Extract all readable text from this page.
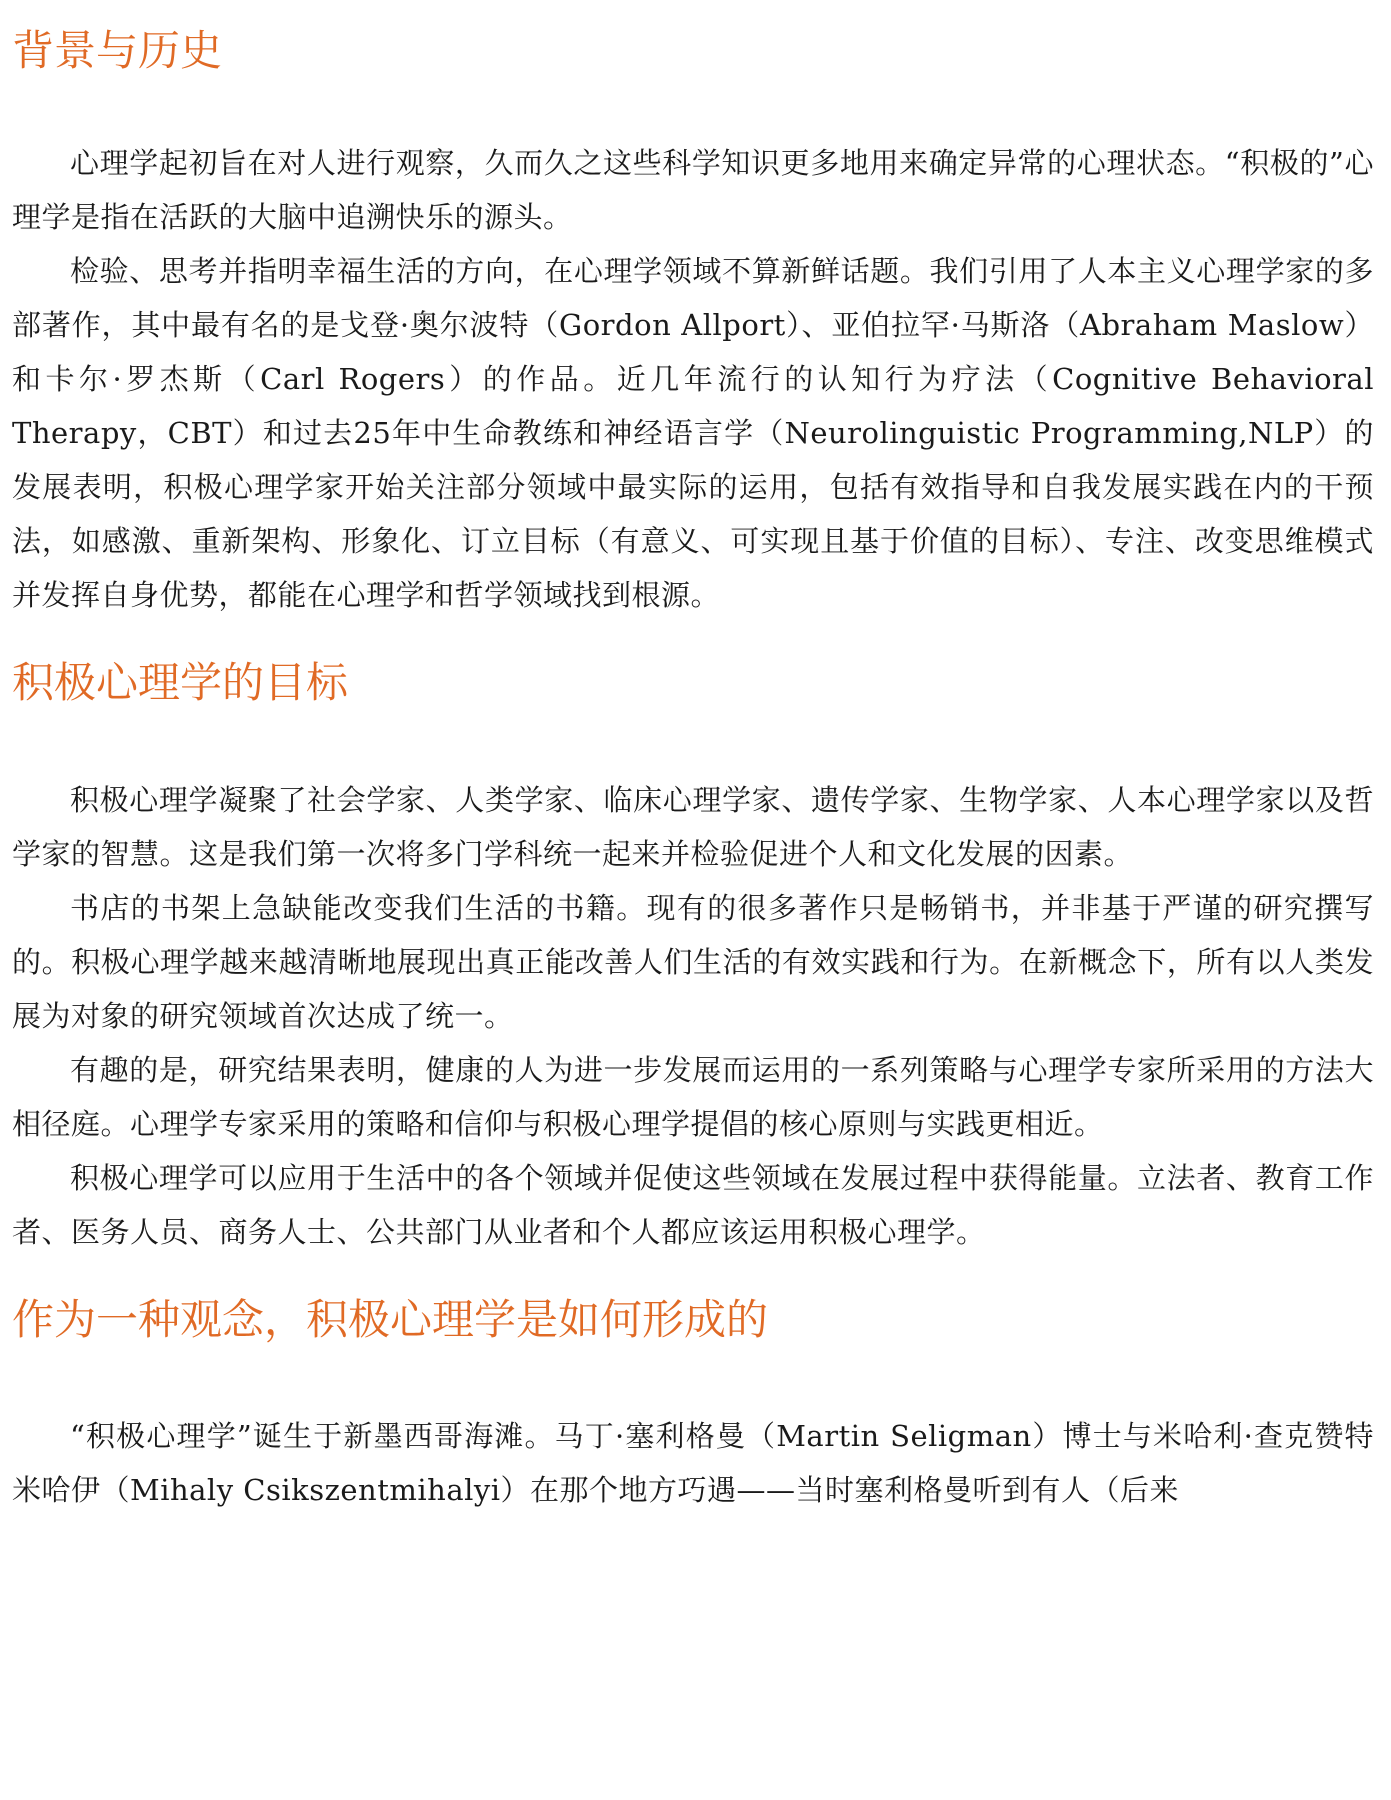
背景与历史

心理学起初旨在对人进行观察，久而久之这些科学知识更多地用来确定异常的心理状态。“积极的”心理学是指在活跃的大脑中追溯快乐的源头。

检验、思考并指明幸福生活的方向，在心理学领域不算新鲜话题。我们引用了人本主义心理学家的多部著作，其中最有名的是戈登·奥尔波特（Gordon Allport）、亚伯拉罕·马斯洛（Abraham Maslow）和卡尔·罗杰斯（Carl Rogers）的作品。近几年流行的认知行为疗法（Cognitive Behavioral Therapy，CBT）和过去25年中生命教练和神经语言学（Neurolinguistic Programming,NLP）的发展表明，积极心理学家开始关注部分领域中最实际的运用，包括有效指导和自我发展实践在内的干预法，如感激、重新架构、形象化、订立目标（有意义、可实现且基于价值的目标）、专注、改变思维模式并发挥自身优势，都能在心理学和哲学领域找到根源。

积极心理学的目标

积极心理学凝聚了社会学家、人类学家、临床心理学家、遗传学家、生物学家、人本心理学家以及哲学家的智慧。这是我们第一次将多门学科统一起来并检验促进个人和文化发展的因素。

书店的书架上急缺能改变我们生活的书籍。现有的很多著作只是畅销书，并非基于严谨的研究撰写的。积极心理学越来越清晰地展现出真正能改善人们生活的有效实践和行为。在新概念下，所有以人类发展为对象的研究领域首次达成了统一。

有趣的是，研究结果表明，健康的人为进一步发展而运用的一系列策略与心理学专家所采用的方法大相径庭。心理学专家采用的策略和信仰与积极心理学提倡的核心原则与实践更相近。

积极心理学可以应用于生活中的各个领域并促使这些领域在发展过程中获得能量。立法者、教育工作者、医务人员、商务人士、公共部门从业者和个人都应该运用积极心理学。

作为一种观念，积极心理学是如何形成的

“积极心理学”诞生于新墨西哥海滩。马丁·塞利格曼（Martin Seligman）博士与米哈利·查克赞特米哈伊（Mihaly Csikszentmihalyi）在那个地方巧遇——当时塞利格曼听到有人（后来
